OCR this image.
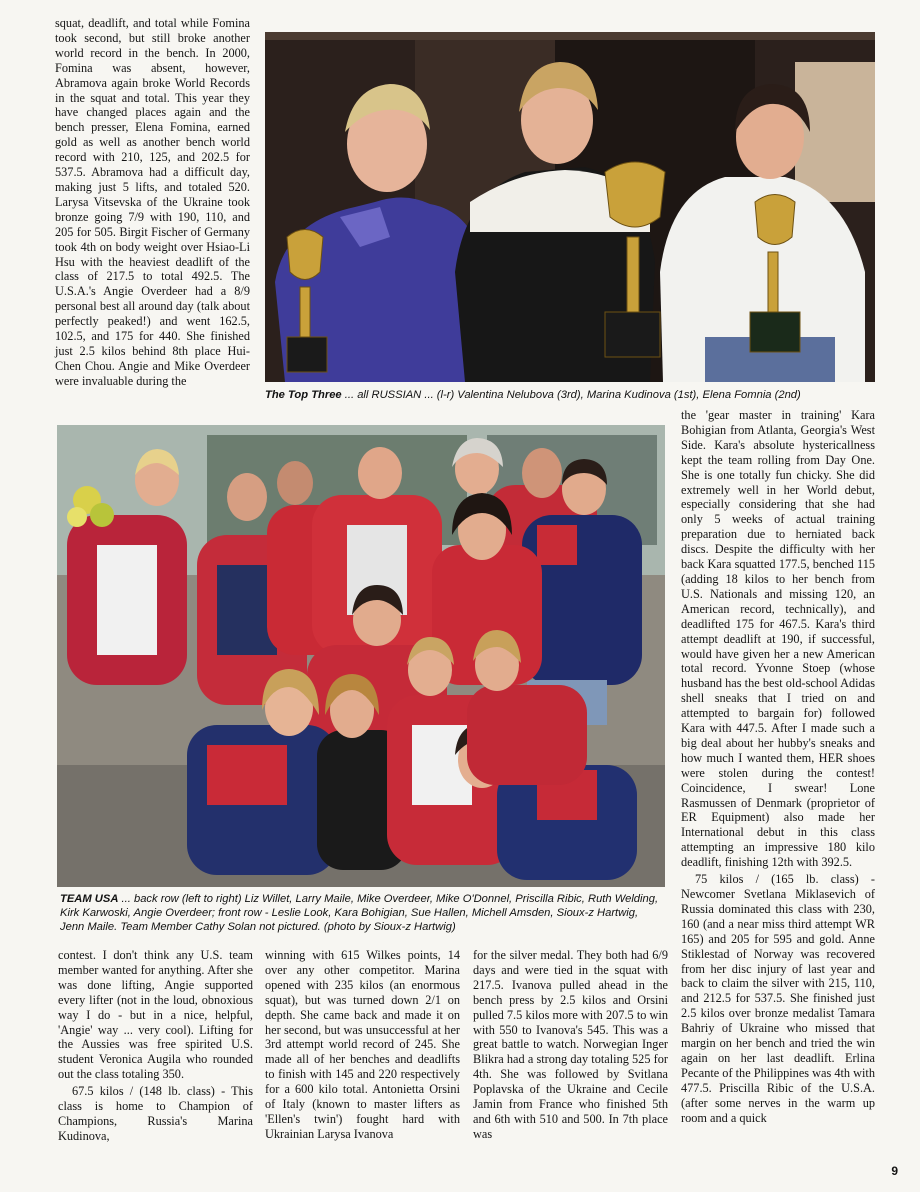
squat, deadlift, and total while Fomina took second, but still broke another world record in the bench. In 2000, Fomina was absent, however, Abramova again broke World Records in the squat and total. This year they have changed places again and the bench presser, Elena Fomina, earned gold as well as another bench world record with 210, 125, and 202.5 for 537.5. Abramova had a difficult day, making just 5 lifts, and totaled 520. Larysa Vitsevska of the Ukraine took bronze going 7/9 with 190, 110, and 205 for 505. Birgit Fischer of Germany took 4th on body weight over Hsiao-Li Hsu with the heaviest deadlift of the class of 217.5 to total 492.5. The U.S.A.'s Angie Overdeer had a 8/9 personal best all around day (talk about perfectly peaked!) and went 162.5, 102.5, and 175 for 440. She finished just 2.5 kilos behind 8th place Hui-Chen Chou. Angie and Mike Overdeer were invaluable during the

The Top Three ... all RUSSIAN ... (l-r) Valentina Nelubova (3rd), Marina Kudinova (1st), Elena Fomnia (2nd)
TEAM USA ... back row (left to right) Liz Willet, Larry Maile, Mike Overdeer, Mike O'Donnel, Priscilla Ribic, Ruth Welding, Kirk Karwoski, Angie Overdeer; front row - Leslie Look, Kara Bohigian, Sue Hallen, Michell Amsden, Sioux-z Hartwig, Jenn Maile. Team Member Cathy Solan not pictured. (photo by Sioux-z Hartwig)

the 'gear master in training' Kara Bohigian from Atlanta, Georgia's West Side. Kara's absolute hystericallness kept the team rolling from Day One. She is one totally fun chicky. She did extremely well in her World debut, especially considering that she had only 5 weeks of actual training preparation due to herniated back discs. Despite the difficulty with her back Kara squatted 177.5, benched 115 (adding 18 kilos to her bench from U.S. Nationals and missing 120, an American record, technically), and deadlifted 175 for 467.5. Kara's third attempt deadlift at 190, if successful, would have given her a new American total record. Yvonne Stoep (whose husband has the best old-school Adidas shell sneaks that I tried on and attempted to bargain for) followed Kara with 447.5. After I made such a big deal about her hubby's sneaks and how much I wanted them, HER shoes were stolen during the contest! Coincidence, I swear! Lone Rasmussen of Denmark (proprietor of ER Equipment) also made her International debut in this class attempting an impressive 180 kilo deadlift, finishing 12th with 392.5.

75 kilos / (165 lb. class) - Newcomer Svetlana Miklasevich of Russia dominated this class with 230, 160 (and a near miss third attempt WR 165) and 205 for 595 and gold. Anne Stiklestad of Norway was recovered from her disc injury of last year and back to claim the silver with 215, 110, and 212.5 for 537.5. She finished just 2.5 kilos over bronze medalist Tamara Bahriy of Ukraine who missed that margin on her bench and tried the win again on her last deadlift. Erlina Pecante of the Philippines was 4th with 477.5. Priscilla Ribic of the U.S.A. (after some nerves in the warm up room and a quick

contest. I don't think any U.S. team member wanted for anything. After she was done lifting, Angie supported every lifter (not in the loud, obnoxious way I do - but in a nice, helpful, 'Angie' way ... very cool). Lifting for the Aussies was free spirited U.S. student Veronica Augila who rounded out the class totaling 350.

67.5 kilos / (148 lb. class) - This class is home to Champion of Champions, Russia's Marina Kudinova,

winning with 615 Wilkes points, 14 over any other competitor. Marina opened with 235 kilos (an enormous squat), but was turned down 2/1 on depth. She came back and made it on her second, but was unsuccessful at her 3rd attempt world record of 245. She made all of her benches and deadlifts to finish with 145 and 220 respectively for a 600 kilo total. Antonietta Orsini of Italy (known to master lifters as 'Ellen's twin') fought hard with Ukrainian Larysa Ivanova

for the silver medal. They both had 6/9 days and were tied in the squat with 217.5. Ivanova pulled ahead in the bench press by 2.5 kilos and Orsini pulled 7.5 kilos more with 207.5 to win with 550 to Ivanova's 545. This was a great battle to watch. Norwegian Inger Blikra had a strong day totaling 525 for 4th. She was followed by Svitlana Poplavska of the Ukraine and Cecile Jamin from France who finished 5th and 6th with 510 and 500. In 7th place was

9
